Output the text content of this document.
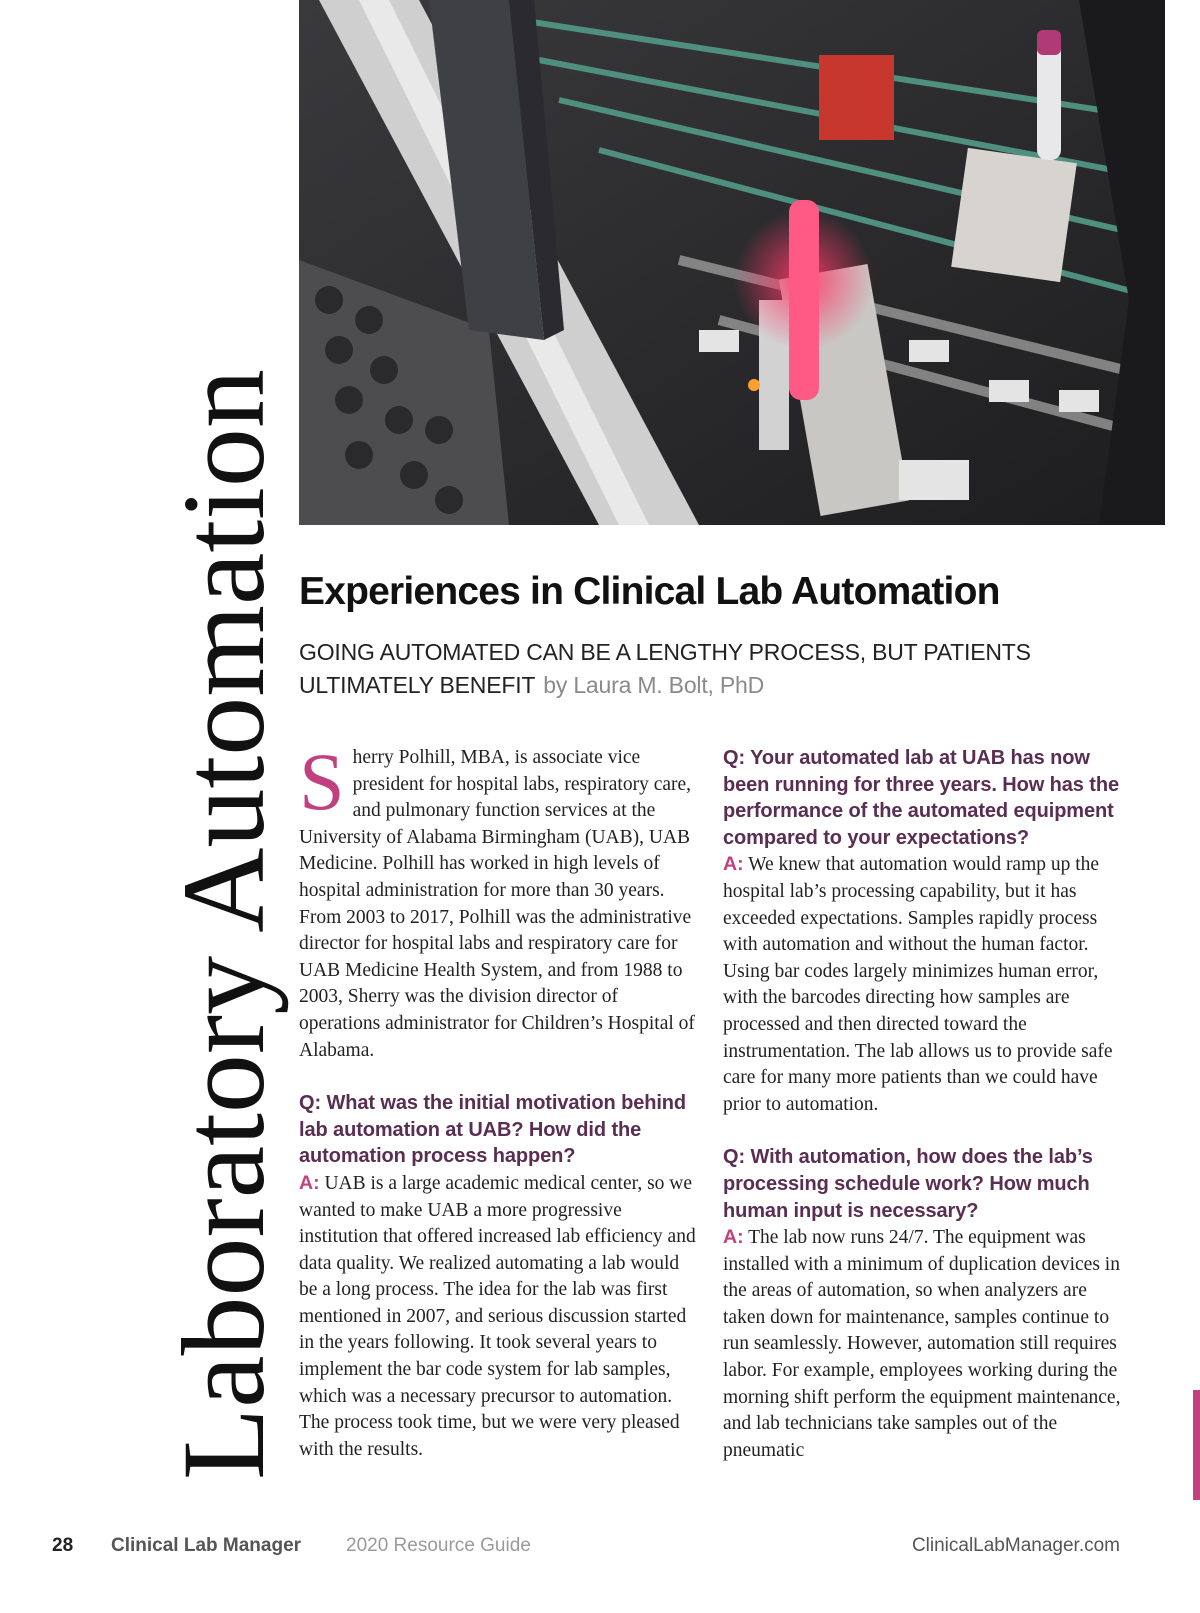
Laboratory Automation Experiences in Clinical Lab Automation

GOING AUTOMATED CAN BE A LENGTHY PROCESS, BUT PATIENTS ULTIMATELY BENEFIT by Laura M. Bolt, PhD

Sherry Polhill, MBA, is associate vice president for hospital labs, respiratory care, and pulmonary function services at the University of Alabama Birmingham (UAB), UAB Medicine. Polhill has worked in high levels of hospital administration for more than 30 years. From 2003 to 2017, Polhill was the administrative director for hospital labs and respiratory care for UAB Medicine Health System, and from 1988 to 2003, Sherry was the division director of operations administrator for Children’s Hospital of Alabama.

Q: What was the initial motivation behind lab automation at UAB? How did the automation process happen?

A: UAB is a large academic medical center, so we wanted to make UAB a more progressive institution that offered increased lab efficiency and data quality. We realized automating a lab would be a long process. The idea for the lab was first mentioned in 2007, and serious discussion started in the years following. It took several years to implement the bar code system for lab samples, which was a necessary precursor to automation. The process took time, but we were very pleased with the results.

Q: Your automated lab at UAB has now been running for three years. How has the performance of the automated equipment compared to your expectations?

A: We knew that automation would ramp up the hospital lab’s processing capability, but it has exceeded expectations. Samples rapidly process with automation and without the human factor. Using bar codes largely minimizes human error, with the barcodes directing how samples are processed and then directed toward the instrumentation. The lab allows us to provide safe care for many more patients than we could have prior to automation.

Q: With automation, how does the lab’s processing schedule work? How much human input is necessary?

A: The lab now runs 24/7. The equipment was installed with a minimum of duplication devices in the areas of automation, so when analyzers are taken down for maintenance, samples continue to run seamlessly. However, automation still requires labor. For example, employees working during the morning shift perform the equipment maintenance, and lab technicians take samples out of the pneumatic

28 Clinical Lab Manager 2020 Resource Guide	ClinicalLabManager.com
